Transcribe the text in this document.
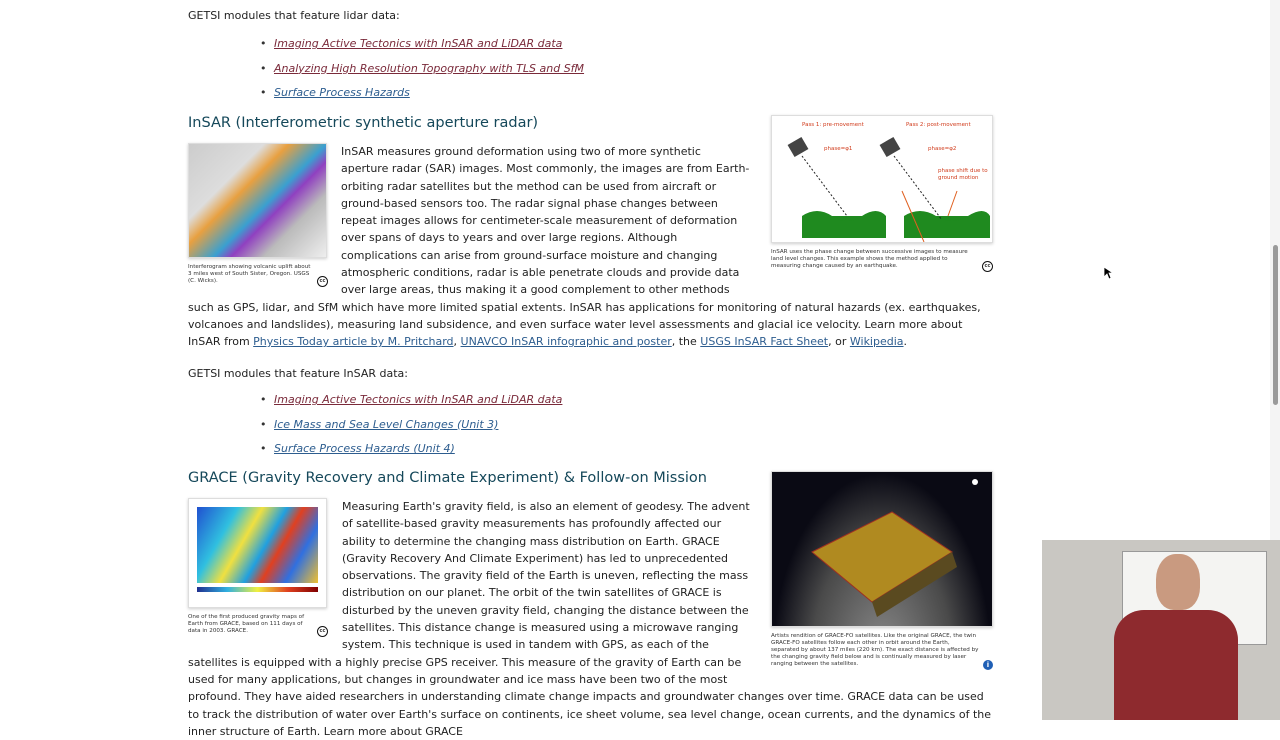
GETSI modules that feature lidar data:

• Imaging Active Tectonics with InSAR and LiDAR data
• Analyzing High Resolution Topography with TLS and SfM
• Surface Process Hazards
InSAR (Interferometric synthetic aperture radar)	Pass 1: pre-movement	Pass 2: post-movement
phase=φ1	phase=φ2
phase shift due to ground motion

InSAR uses the phase change between successive images to measure land level changes. This example shows the method applied to measuring change caused by an earthquake.	cc

Interferogram showing volcanic uplift about 3 miles west of South Sister, Oregon. USGS (C. Wicks).	cc

InSAR measures ground deformation using two of more synthetic aperture radar (SAR) images. Most commonly, the images are from Earth-orbiting radar satellites but the method can be used from aircraft or ground-based sensors too. The radar signal phase changes between repeat images allows for centimeter-scale measurement of deformation over spans of days to years and over large regions. Although complications can arise from ground-surface moisture and changing atmospheric conditions, radar is able penetrate clouds and provide data over large areas, thus making it a good complement to other methods such as GPS, lidar, and SfM which have more limited spatial extents. InSAR has applications for monitoring of natural hazards (ex. earthquakes, volcanoes and landslides), measuring land subsidence, and even surface water level assessments and glacial ice velocity. Learn more about InSAR from Physics Today article by M. Pritchard, UNAVCO InSAR infographic and poster, the USGS InSAR Fact Sheet, or Wikipedia.

GETSI modules that feature InSAR data:

• Imaging Active Tectonics with InSAR and LiDAR data
• Ice Mass and Sea Level Changes (Unit 3)
• Surface Process Hazards (Unit 4)
GRACE (Gravity Recovery and Climate Experiment) & Follow-on Mission

Artists rendition of GRACE-FO satellites. Like the original GRACE, the twin GRACE-FO satellites follow each other in orbit around the Earth, separated by about 137 miles (220 km). The exact distance is affected by the changing gravity field below and is continually measured by laser ranging between the satellites.	i

One of the first produced gravity maps of Earth from GRACE, based on 111 days of data in 2003. GRACE.	cc

Measuring Earth's gravity field, is also an element of geodesy. The advent of satellite-based gravity measurements has profoundly affected our ability to determine the changing mass distribution on Earth. GRACE (Gravity Recovery And Climate Experiment) has led to unprecedented observations. The gravity field of the Earth is uneven, reflecting the mass distribution on our planet. The orbit of the twin satellites of GRACE is disturbed by the uneven gravity field, changing the distance between the satellites. This distance change is measured using a microwave ranging system. This technique is used in tandem with GPS, as each of the satellites is equipped with a highly precise GPS receiver. This measure of the gravity of Earth can be used for many applications, but changes in groundwater and ice mass have been two of the most profound. They have aided researchers in understanding climate change impacts and groundwater changes over time. GRACE data can be used to track the distribution of water over Earth's surface on continents, ice sheet volume, sea level change, ocean currents, and the dynamics of the inner structure of Earth. Learn more about GRACE
